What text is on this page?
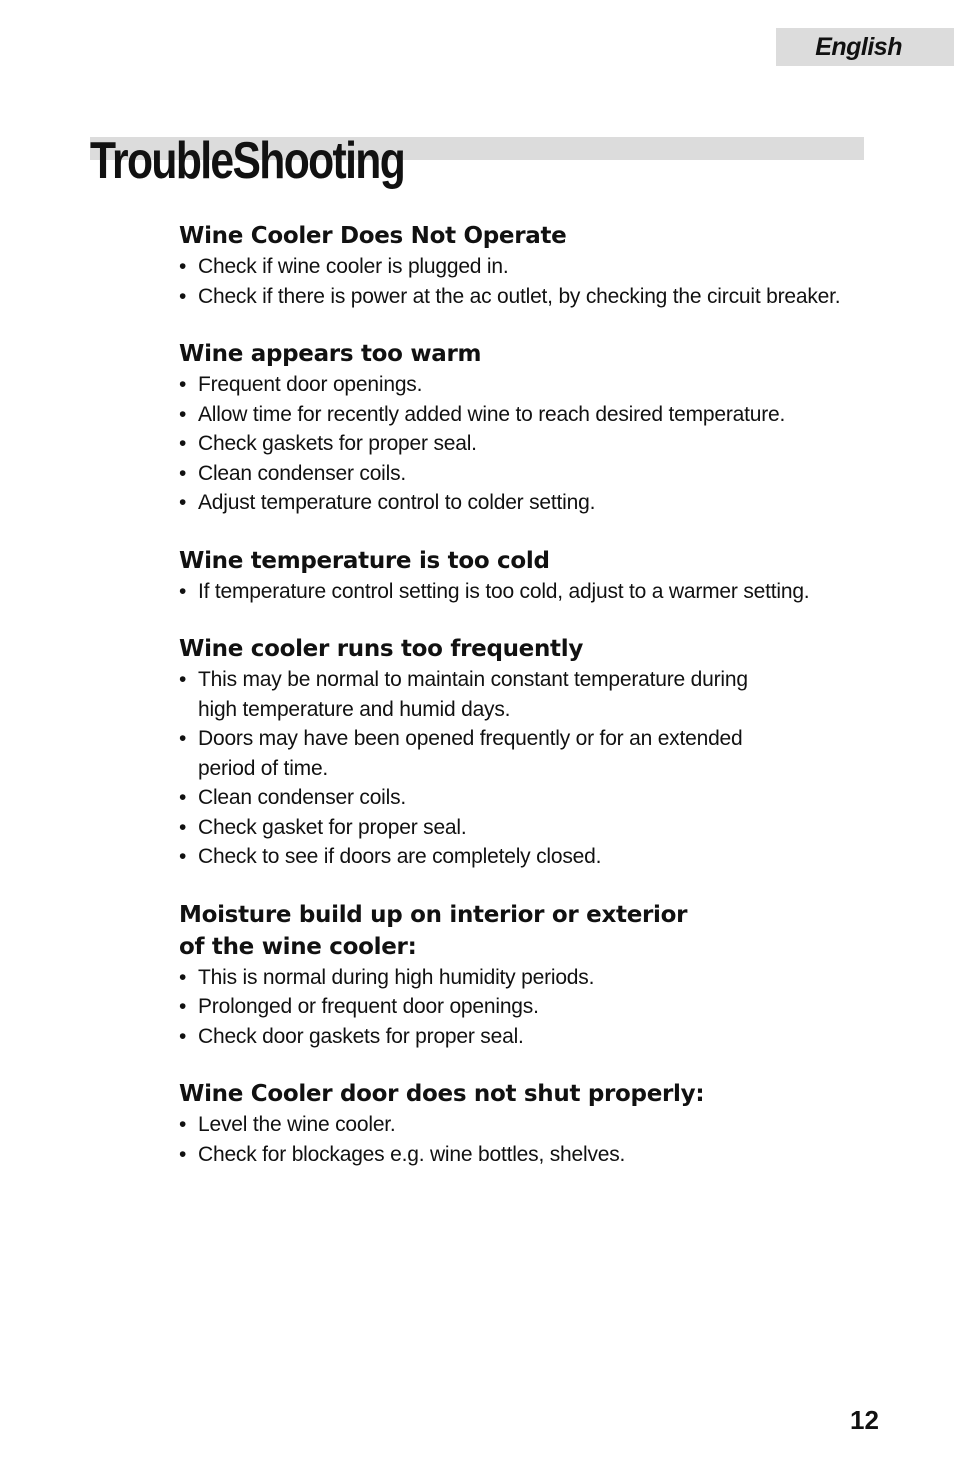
English
TroubleShooting
Wine Cooler Does Not Operate
• Check if wine cooler is plugged in.
• Check if there is power at the ac outlet, by checking the circuit breaker.
Wine appears too warm
• Frequent door openings.
• Allow time for recently added wine to reach desired temperature.
• Check gaskets for proper seal.
• Clean condenser coils.
• Adjust temperature control to colder setting.
Wine temperature is too cold
• If temperature control setting is too cold, adjust to a warmer setting.
Wine cooler runs too frequently
• This may be normal to maintain constant temperature during high temperature and humid days.
• Doors may have been opened frequently or for an extended period of time.
• Clean condenser coils.
• Check gasket for proper seal.
• Check to see if doors are completely closed.
Moisture build up on interior or exterior
of the wine cooler:
• This is normal during high humidity periods.
• Prolonged or frequent door openings.
• Check door gaskets for proper seal.
Wine Cooler door does not shut properly:
• Level the wine cooler.
• Check for blockages e.g. wine bottles, shelves.
12
